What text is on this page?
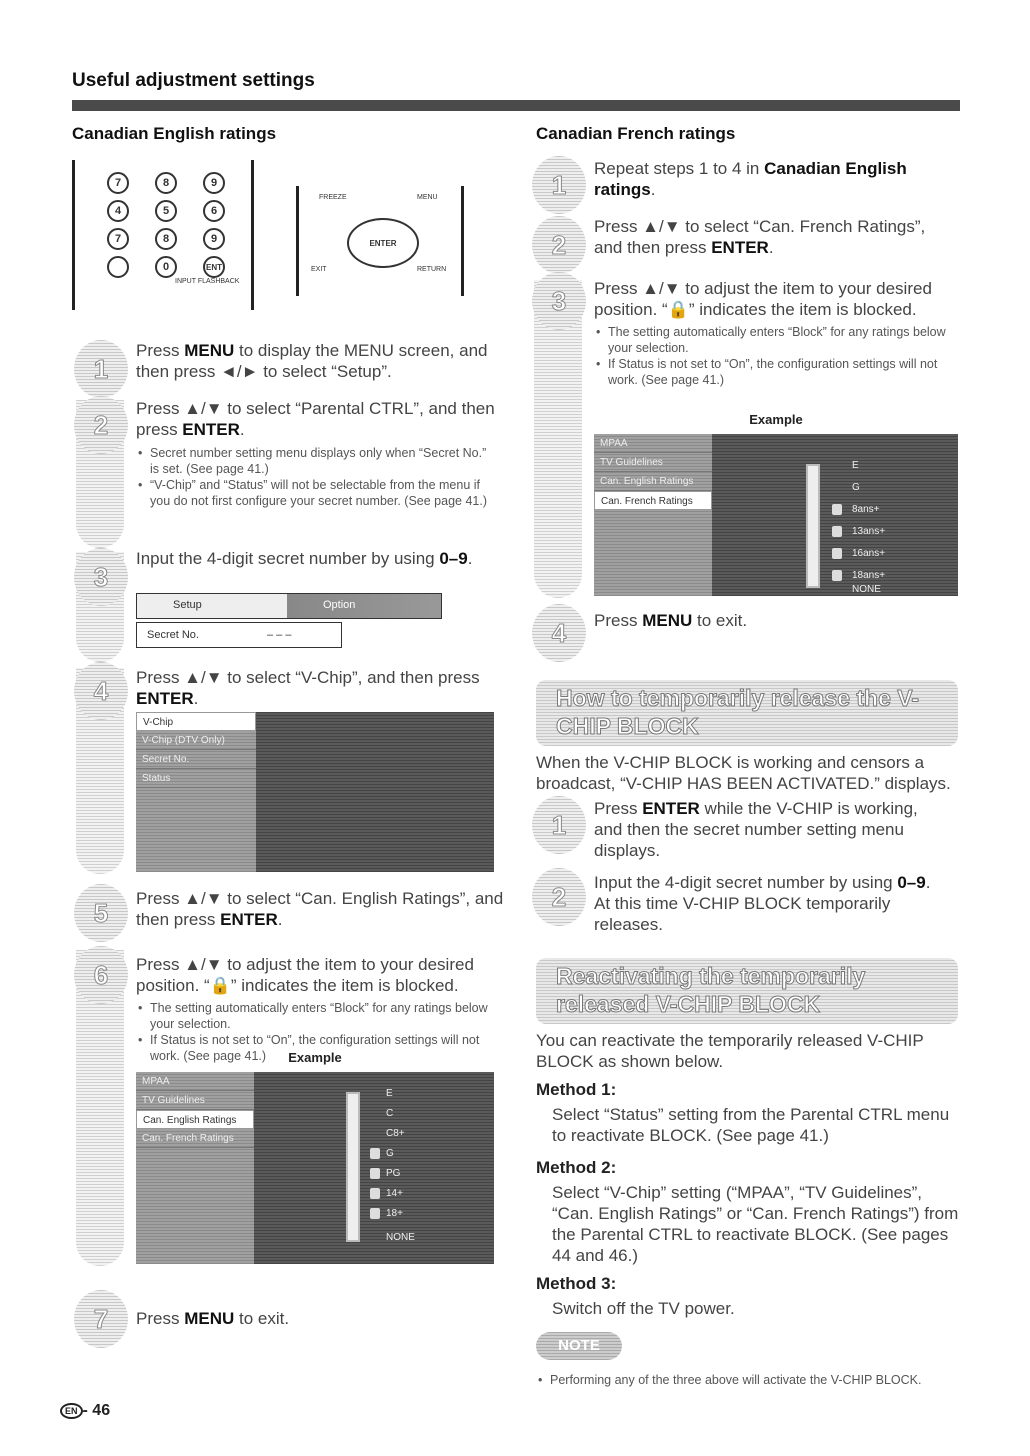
Useful adjustment settings
Canadian English ratings
7	8	9
4	5	6
7	8	9
0	ENT
INPUT FLASHBACK
FREEZE	MENU
ENTER
EXIT	RETURN
1
Press MENU to display the MENU screen, and then press ◄/► to select “Setup”.
2
Press ▲/▼ to select “Parental CTRL”, and then press ENTER.
• Secret number setting menu displays only when “Secret No.” is set. (See page 41.)
• “V-Chip” and “Status” will not be selectable from the menu if you do not first configure your secret number. (See page 41.)
3
Input the 4-digit secret number by using 0–9.
Setup	Option
Secret No.	– – –
4	Press ▲/▼ to select “V-Chip”, and then press ENTER.
V-Chip
V-Chip (DTV Only)
Secret No.
Status
5	Press ▲/▼ to select “Can. English Ratings”, and then press ENTER.
6	Press ▲/▼ to adjust the item to your desired position. “🔒” indicates the item is blocked.
• The setting automatically enters “Block” for any ratings below your selection.
• If Status is not set to “On”, the configuration settings will not work. (See page 41.)	Example
MPAA
TV Guidelines
Can. English Ratings
Can. French Ratings
E
C
C8+
G
PG
14+
18+
NONE
7	Press MENU to exit.
EN - 46
Canadian French ratings
1
Repeat steps 1 to 4 in Canadian English ratings.
2
Press ▲/▼ to select “Can. French Ratings”, and then press ENTER.
3	Press ▲/▼ to adjust the item to your desired position. “🔒” indicates the item is blocked.
• The setting automatically enters “Block” for any ratings below your selection.
• If Status is not set to “On”, the configuration settings will not work. (See page 41.)
Example
MPAA
TV Guidelines
Can. English Ratings
Can. French Ratings
E
G
8ans+
13ans+
16ans+
18ans+
NONE
4	Press MENU to exit.
How to temporarily release the V-CHIP BLOCK
When the V-CHIP BLOCK is working and censors a broadcast, “V-CHIP HAS BEEN ACTIVATED.” displays.
1
Press ENTER while the V-CHIP is working, and then the secret number setting menu displays.
2	Input the 4-digit secret number by using 0–9. At this time V-CHIP BLOCK temporarily releases.
Reactivating the temporarily released V-CHIP BLOCK
You can reactivate the temporarily released V-CHIP BLOCK as shown below.
Method 1:
Select “Status” setting from the Parental CTRL menu to reactivate BLOCK. (See page 41.)
Method 2:
Select “V-Chip” setting (“MPAA”, “TV Guidelines”, “Can. English Ratings” or “Can. French Ratings”) from the Parental CTRL to reactivate BLOCK. (See pages 44 and 46.)
Method 3:
Switch off the TV power.
NOTE
• Performing any of the three above will activate the V-CHIP BLOCK.
